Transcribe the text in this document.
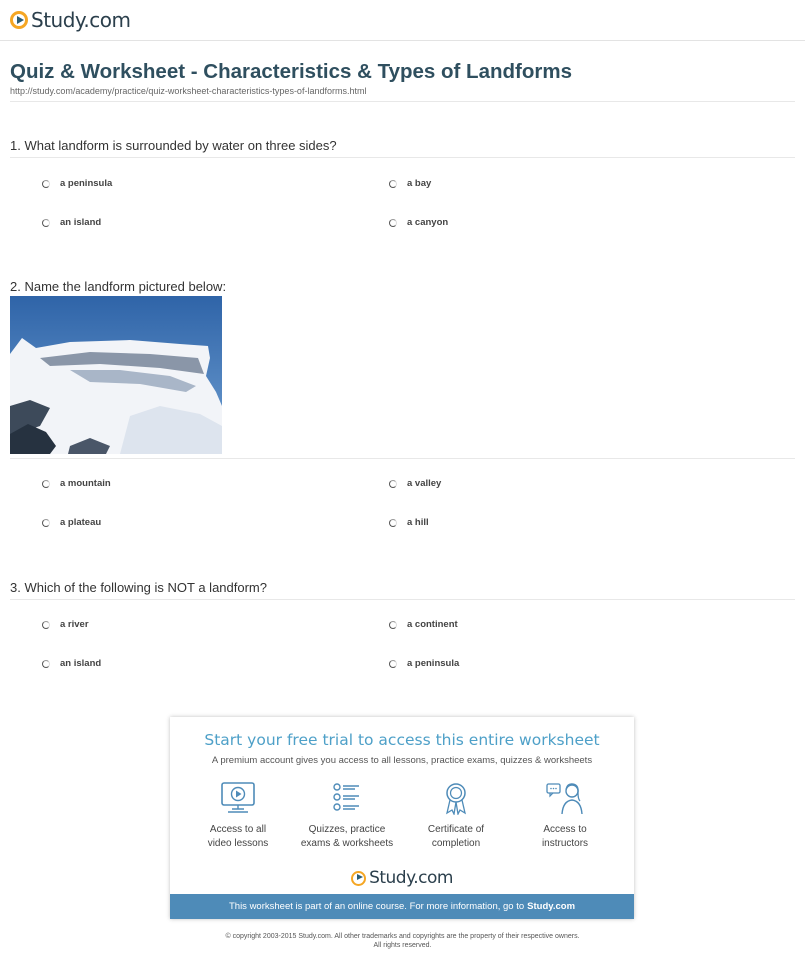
Study.com
Quiz & Worksheet - Characteristics & Types of Landforms
http://study.com/academy/practice/quiz-worksheet-characteristics-types-of-landforms.html
1. What landform is surrounded by water on three sides?
a peninsula	a bay
an island	a canyon
2. Name the landform pictured below:
a mountain	a valley
a plateau	a hill
3. Which of the following is NOT a landform?
a river	a continent
an island	a peninsula
Start your free trial to access this entire worksheet
A premium account gives you access to all lessons, practice exams, quizzes & worksheets
Access to all
video lessons
Quizzes, practice
exams & worksheets
Certificate of
completion
Access to
instructors
Study.com
This worksheet is part of an online course. For more information, go to Study.com
© copyright 2003-2015 Study.com. All other trademarks and copyrights are the property of their respective owners.
All rights reserved.
